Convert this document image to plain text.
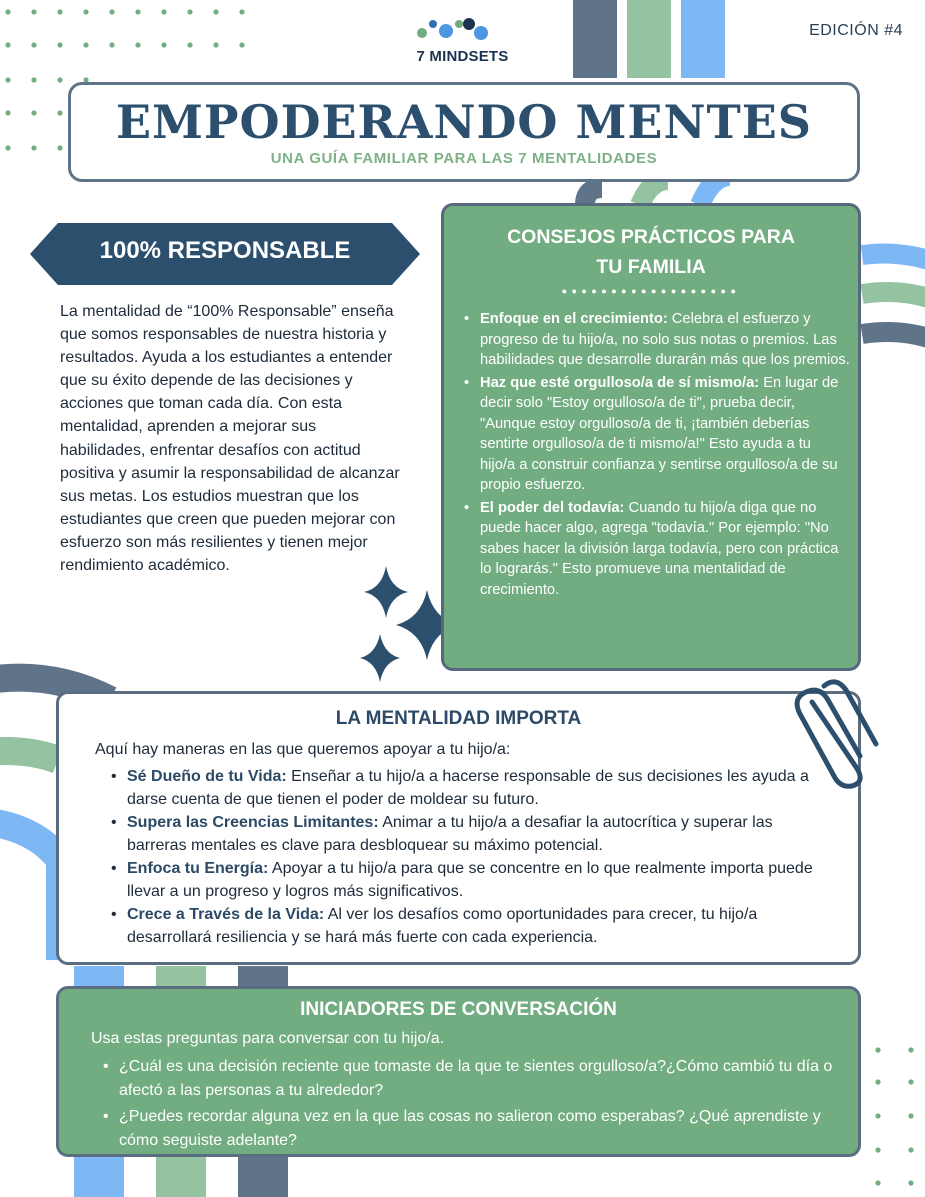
7 MINDSETS
EDICIÓN #4
EMPODERANDO MENTES
UNA GUÍA FAMILIAR PARA LAS 7 MENTALIDADES
100% RESPONSABLE
La mentalidad de “100% Responsable” enseña que somos responsables de nuestra historia y resultados. Ayuda a los estudiantes a entender que su éxito depende de las decisiones y acciones que toman cada día. Con esta mentalidad, aprenden a mejorar sus habilidades, enfrentar desafíos con actitud positiva y asumir la responsabilidad de alcanzar sus metas. Los estudios muestran que los estudiantes que creen que pueden mejorar con esfuerzo son más resilientes y tienen mejor rendimiento académico.
CONSEJOS PRÁCTICOS PARA TU FAMILIA
●●●●●●●●●●●●●●●●●●
• Enfoque en el crecimiento: Celebra el esfuerzo y progreso de tu hijo/a, no solo sus notas o premios. Las habilidades que desarrolle durarán más que los premios.
• Haz que esté orgulloso/a de sí mismo/a: En lugar de decir solo "Estoy orgulloso/a de ti", prueba decir, "Aunque estoy orgulloso/a de ti, ¡también deberías sentirte orgulloso/a de ti mismo/a!" Esto ayuda a tu hijo/a a construir confianza y sentirse orgulloso/a de su propio esfuerzo.
• El poder del todavía: Cuando tu hijo/a diga que no puede hacer algo, agrega "todavía." Por ejemplo: "No sabes hacer la división larga todavía, pero con práctica lo lograrás." Esto promueve una mentalidad de crecimiento.
LA MENTALIDAD IMPORTA
Aquí hay maneras en las que queremos apoyar a tu hijo/a:
• Sé Dueño de tu Vida: Enseñar a tu hijo/a a hacerse responsable de sus decisiones les ayuda a darse cuenta de que tienen el poder de moldear su futuro.
• Supera las Creencias Limitantes: Animar a tu hijo/a a desafiar la autocrítica y superar las barreras mentales es clave para desbloquear su máximo potencial.
• Enfoca tu Energía: Apoyar a tu hijo/a para que se concentre en lo que realmente importa puede llevar a un progreso y logros más significativos.
• Crece a Través de la Vida: Al ver los desafíos como oportunidades para crecer, tu hijo/a desarrollará resiliencia y se hará más fuerte con cada experiencia.
INICIADORES DE CONVERSACIÓN
Usa estas preguntas para conversar con tu hijo/a.
• ¿Cuál es una decisión reciente que tomaste de la que te sientes orgulloso/a?¿Cómo cambió tu día o afectó a las personas a tu alrededor?
• ¿Puedes recordar alguna vez en la que las cosas no salieron como esperabas? ¿Qué aprendiste y cómo seguiste adelante?
